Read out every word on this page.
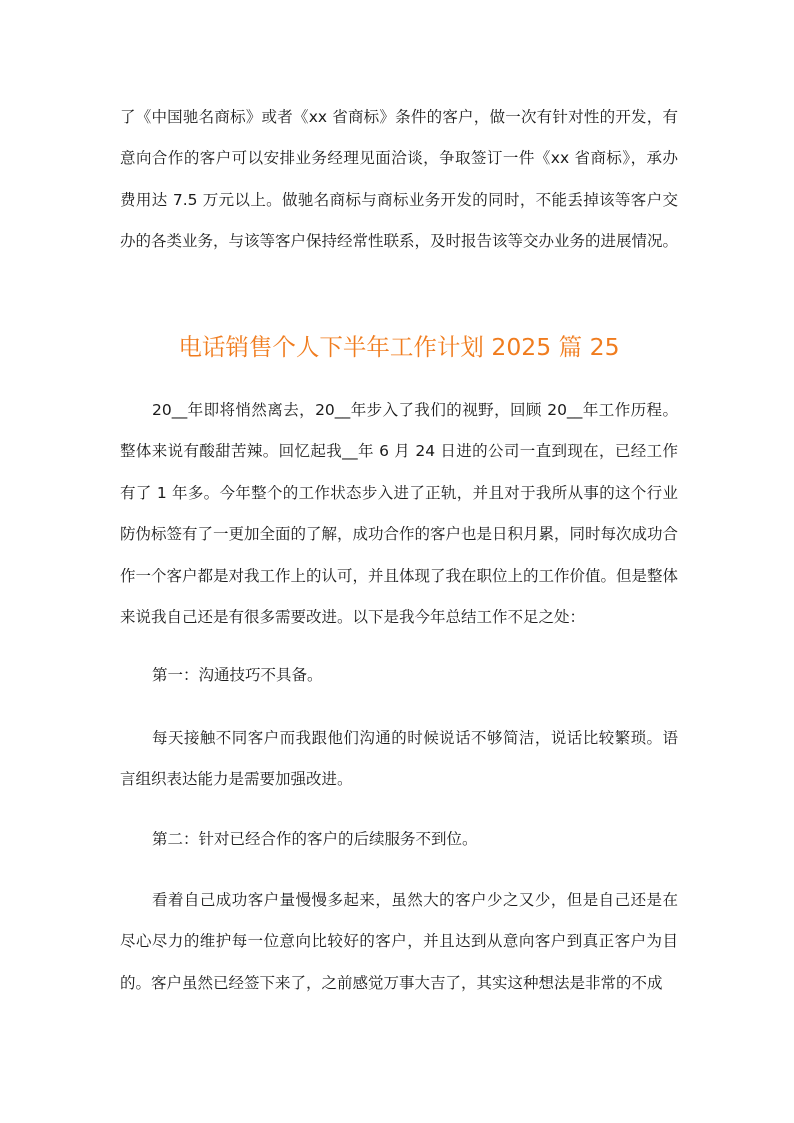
了《中国驰名商标》或者《xx 省商标》条件的客户，做一次有针对性的开发，有意向合作的客户可以安排业务经理见面洽谈，争取签订一件《xx 省商标》，承办费用达 7.5 万元以上。做驰名商标与商标业务开发的同时，不能丢掉该等客户交办的各类业务，与该等客户保持经常性联系，及时报告该等交办业务的进展情况。

电话销售个人下半年工作计划 2025 篇 25

20__年即将悄然离去，20__年步入了我们的视野，回顾 20__年工作历程。整体来说有酸甜苦辣。回忆起我__年 6 月 24 日进的公司一直到现在，已经工作有了 1 年多。今年整个的工作状态步入进了正轨，并且对于我所从事的这个行业防伪标签有了一更加全面的了解，成功合作的客户也是日积月累，同时每次成功合作一个客户都是对我工作上的认可，并且体现了我在职位上的工作价值。但是整体来说我自己还是有很多需要改进。以下是我今年总结工作不足之处：

第一：沟通技巧不具备。

每天接触不同客户而我跟他们沟通的时候说话不够简洁，说话比较繁琐。语言组织表达能力是需要加强改进。

第二：针对已经合作的客户的后续服务不到位。

看着自己成功客户量慢慢多起来，虽然大的客户少之又少，但是自己还是在尽心尽力的维护每一位意向比较好的客户，并且达到从意向客户到真正客户为目的。客户虽然已经签下来了，之前感觉万事大吉了，其实这种想法是非常的不成
